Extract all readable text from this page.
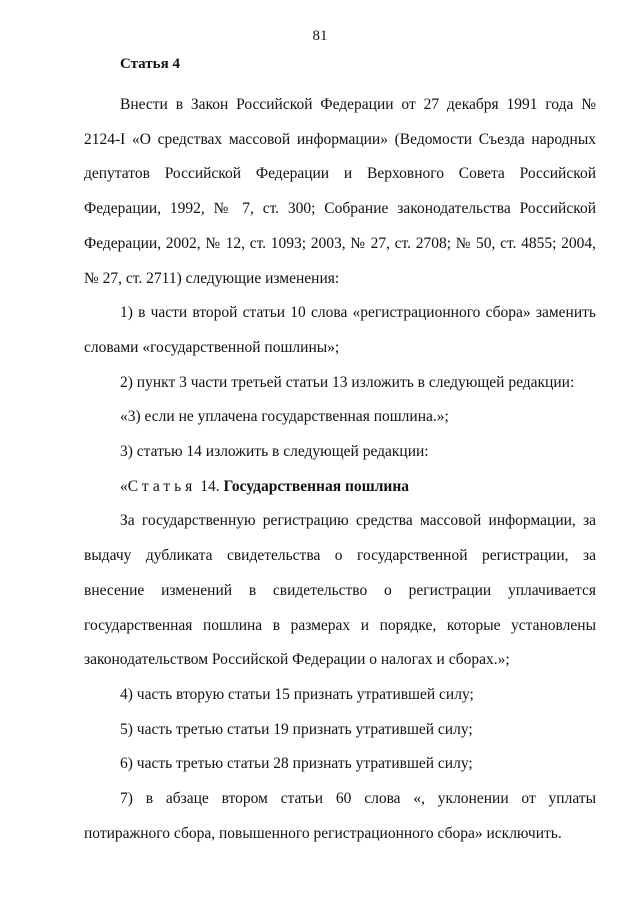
81
Статья 4

Внести в Закон Российской Федерации от 27 декабря 1991 года № 2124-I «О средствах массовой информации» (Ведомости Съезда народных депутатов Российской Федерации и Верховного Совета Российской Федерации, 1992, № 7, ст. 300; Собрание законодательства Российской Федерации, 2002, № 12, ст. 1093; 2003, № 27, ст. 2708; № 50, ст. 4855; 2004, № 27, ст. 2711) следующие изменения:

1) в части второй статьи 10 слова «регистрационного сбора» заменить словами «государственной пошлины»;

2) пункт 3 части третьей статьи 13 изложить в следующей редакции:

«3) если не уплачена государственная пошлина.»;

3) статью 14 изложить в следующей редакции:

«Статья 14. Государственная пошлина

За государственную регистрацию средства массовой информации, за выдачу дубликата свидетельства о государственной регистрации, за внесение изменений в свидетельство о регистрации уплачивается государственная пошлина в размерах и порядке, которые установлены законодательством Российской Федерации о налогах и сборах.»;

4) часть вторую статьи 15 признать утратившей силу;

5) часть третью статьи 19 признать утратившей силу;

6) часть третью статьи 28 признать утратившей силу;

7) в абзаце втором статьи 60 слова «, уклонении от уплаты потиражного сбора, повышенного регистрационного сбора» исключить.
